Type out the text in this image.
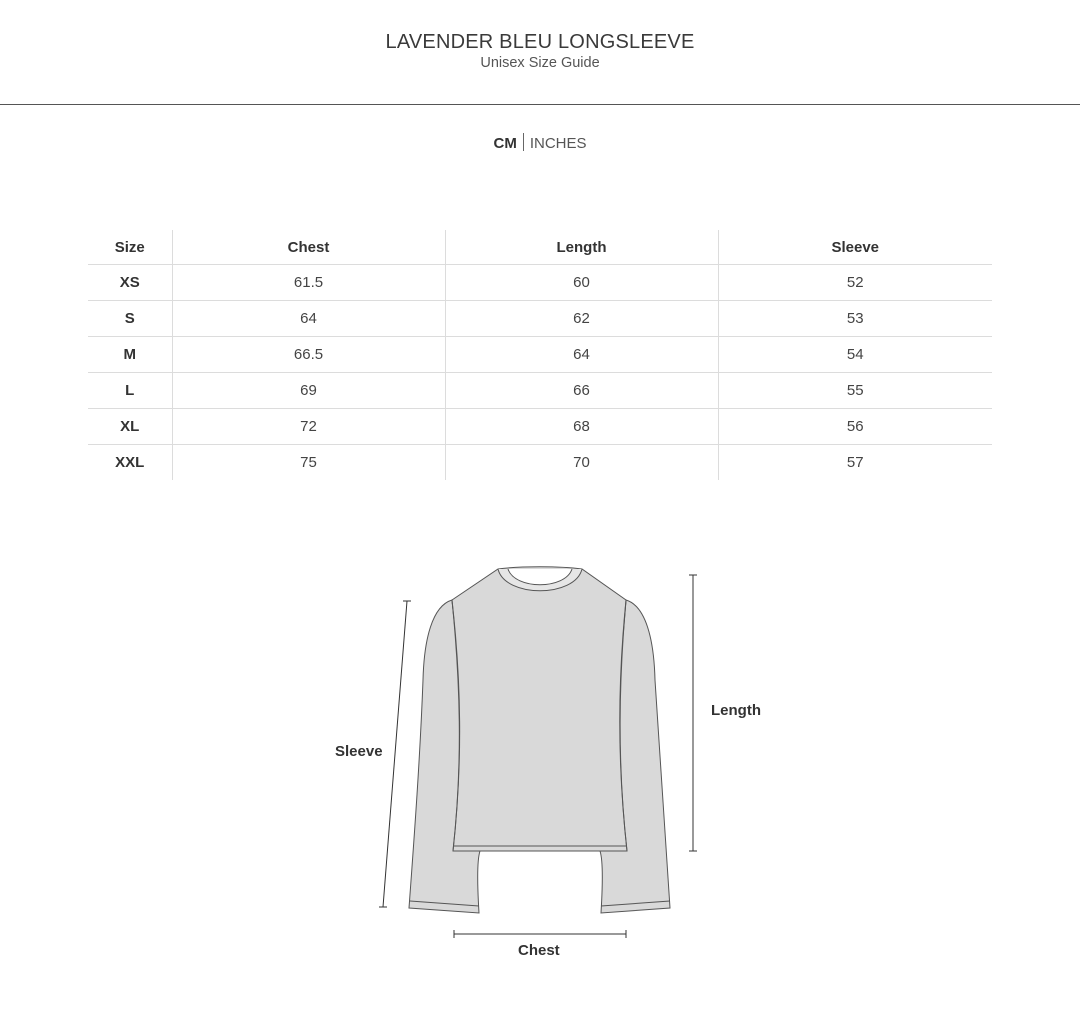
LAVENDER BLEU LONGSLEEVE
Unisex Size Guide
CM INCHES
Size	Chest	Length	Sleeve
XS	61.5	60	52
S	64	62	53
M	66.5	64	54
L	69	66	55
XL	72	68	56
XXL	75	70	57
Sleeve
Length
Chest
